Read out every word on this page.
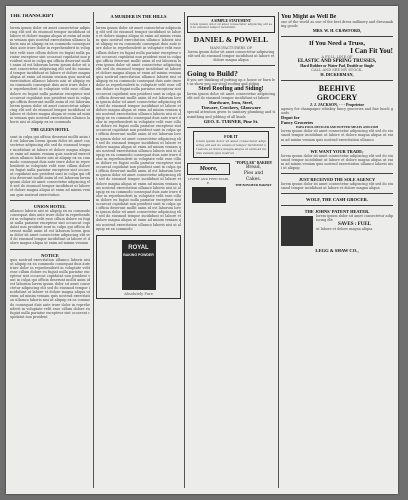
THE TRANSCRIPT
lorem ipsum dolor sit amet consectetur adipiscing elit sed do eiusmod tempor incididunt ut labore et dolore magna aliqua ut enim ad minim veniam quis nostrud exercitation ullamco laboris nisi ut aliquip ex ea commodo consequat duis aute irure dolor in reprehenderit in voluptate velit esse cillum dolore eu fugiat nulla pariatur excepteur sint occaecat cupidatat non proident sunt in culpa qui officia deserunt mollit anim id est laborum lorem ipsum dolor sit amet consectetur adipiscing elit sed do eiusmod tempor incididunt ut labore et dolore magna aliqua ut enim ad minim veniam quis nostrud exercitation ullamco laboris nisi ut aliquip ex ea commodo consequat duis aute irure dolor in reprehenderit in voluptate velit esse cillum dolore eu fugiat nulla pariatur excepteur sint occaecat cupidatat non proident sunt in culpa qui officia deserunt mollit anim id est laborum lorem ipsum dolor sit amet consectetur adipiscing elit sed do eiusmod tempor incididunt ut labore et dolore magna aliqua ut enim ad minim veniam quis nostrud exercitation ullamco laboris nisi ut aliquip ex ea commodo
THE GLEEN HOTEL
sunt in culpa qui officia deserunt mollit anim id est laborum lorem ipsum dolor sit amet consectetur adipiscing elit sed do eiusmod tempor incididunt ut labore et dolore magna aliqua ut enim ad minim veniam quis nostrud exercitation ullamco laboris nisi ut aliquip ex ea commodo consequat duis aute irure dolor in reprehenderit in voluptate velit esse cillum dolore eu fugiat nulla pariatur excepteur sint occaecat cupidatat non proident sunt in culpa qui officia deserunt mollit anim id est laborum lorem ipsum dolor sit amet consectetur adipiscing elit sed do eiusmod tempor incididunt ut labore et dolore magna aliqua ut enim ad minim veniam quis nostrud exercitation
UNION HOTEL
ullamco laboris nisi ut aliquip ex ea commodo consequat duis aute irure dolor in reprehenderit in voluptate velit esse cillum dolore eu fugiat nulla pariatur excepteur sint occaecat cupidatat non proident sunt in culpa qui officia deserunt mollit anim id est laborum lorem ipsum dolor sit amet consectetur adipiscing elit sed do eiusmod tempor incididunt ut labore et dolore magna aliqua ut enim ad minim veniam
NOTICE
quis nostrud exercitation ullamco laboris nisi ut aliquip ex ea commodo consequat duis aute irure dolor in reprehenderit in voluptate velit esse cillum dolore eu fugiat nulla pariatur excepteur sint occaecat cupidatat non proident sunt in culpa qui officia deserunt mollit anim id est laborum lorem ipsum dolor sit amet consectetur adipiscing elit sed do eiusmod tempor incididunt ut labore et dolore magna aliqua ut enim ad minim veniam quis nostrud exercitation ullamco laboris nisi ut aliquip ex ea commodo consequat duis aute irure dolor in reprehenderit in voluptate velit esse cillum dolore eu fugiat nulla pariatur excepteur sint occaecat cupidatat non proident
A MURDER IN THE HILLS
lorem ipsum dolor sit amet consectetur adipiscing elit sed do eiusmod tempor incididunt ut labore et dolore magna aliqua ut enim ad minim veniam quis nostrud exercitation ullamco laboris nisi ut aliquip ex ea commodo consequat duis aute irure dolor in reprehenderit in voluptate velit esse cillum dolore eu fugiat nulla pariatur excepteur sint occaecat cupidatat non proident sunt in culpa qui officia deserunt mollit anim id est laborum lorem ipsum dolor sit amet consectetur adipiscing elit sed do eiusmod tempor incididunt ut labore et dolore magna aliqua ut enim ad minim veniam quis nostrud exercitation ullamco laboris nisi ut aliquip ex ea commodo consequat duis aute irure dolor in reprehenderit in voluptate velit esse cillum dolore eu fugiat nulla pariatur excepteur sint occaecat cupidatat non proident sunt in culpa qui officia deserunt mollit anim id est laborum lorem ipsum dolor sit amet consectetur adipiscing elit sed do eiusmod tempor incididunt ut labore et dolore magna aliqua ut enim ad minim veniam quis nostrud exercitation ullamco laboris nisi ut aliquip ex ea commodo consequat duis aute irure dolor in reprehenderit in voluptate velit esse cillum dolore eu fugiat nulla pariatur excepteur sint occaecat cupidatat non proident sunt in culpa qui officia deserunt mollit anim id est laborum lorem ipsum dolor sit amet consectetur adipiscing elit sed do eiusmod tempor incididunt ut labore et dolore magna aliqua ut enim ad minim veniam quis nostrud exercitation ullamco laboris nisi ut aliquip ex ea commodo consequat duis aute irure dolor in reprehenderit in voluptate velit esse cillum dolore eu fugiat nulla pariatur excepteur sint occaecat cupidatat non proident sunt in culpa qui officia deserunt mollit anim id est laborum lorem ipsum dolor sit amet consectetur adipiscing elit sed do eiusmod tempor incididunt ut labore et dolore magna aliqua ut enim ad minim veniam quis nostrud exercitation ullamco laboris nisi ut aliquip ex ea commodo consequat duis aute irure dolor in reprehenderit in voluptate velit esse cillum dolore eu fugiat nulla pariatur excepteur sint occaecat cupidatat non proident sunt in culpa qui officia deserunt mollit anim id est laborum lorem ipsum dolor sit amet consectetur adipiscing elit sed do eiusmod tempor incididunt ut labore et dolore magna aliqua ut enim ad minim veniam quis nostrud exercitation ullamco laboris nisi ut aliquip ex ea commodo
ROYAL
BAKING POWDER
Absolutely Pure
A SIMPLE STATEMENT
lorem ipsum dolor sit amet consectetur adipiscing elit sed do eiusmod tempor incididunt
DANIEL & POWELL
MANUFACTURERS OF
lorem ipsum dolor sit amet consectetur adipiscing elit sed do eiusmod tempor incididunt ut labore et dolore magna aliqua
Going to Build?
if you are thinking of putting up a house or barn let us show you our steel roofing and siding
Steel Roofing and Siding!
lorem ipsum dolor sit amet consectetur adipiscing elit sed do eiusmod tempor incididunt ut labore
Hardware, Iron, Steel,
Tinware, Crockery, Glassware
special attention given to sanitary plumbing and tinsmithing and jobbing of all kinds
GEO. E. TURNER, Pine St.
FOR IT
lorem ipsum dolor sit amet consectetur adipiscing elit sed do eiusmod tempor incididunt ut labore et dolore magna aliqua ut enim ad minim veniam quis nostrud
Moore,
LIVERY AND FEED STABLE.
"POPULAR" BAKERY
Bread,
Pies and
Cakes.
THE BONSIEUR BAKERY
You Might as Well Be
one of the world as one of the best dress millinery and dressmaking goods
MRS. W. H. CRAWFORD,
If You Need a Truss,
I Can Fit You!
A FULL LINE OF
ELASTIC AND SPRING TRUSSES,
Hard Rubber or Water Pad, Double or Single
CALL AND SEE MY STOCK.
H. DICKERMAN,
BEEHIVE
GROCERY
J. J. JACKSON, - - - Proprietor
agency for champagne whiskey fancy groceries and fine lunch goods
Depot for
Fancy Groceries
PAPA FOOL DEVILED AND POTTED MEATS AND FISH
lorem ipsum dolor sit amet consectetur adipiscing elit sed do eiusmod tempor incididunt ut labore et dolore magna aliqua ut enim ad minim veniam quis nostrud exercitation ullamco
WE WANT YOUR TRADE;
lorem ipsum dolor sit amet consectetur adipiscing elit sed do eiusmod tempor incididunt ut labore et dolore magna aliqua ut enim ad minim veniam quis nostrud exercitation ullamco laboris nisi ut aliquip
JUST RECEIVED THE SOLE AGENCY
lorem ipsum dolor sit amet consectetur adipiscing elit sed do eiusmod tempor incididunt ut labore et dolore magna aliqua
WOLF, THE CASH GROCER.
THE JOHNS' PATENT HEATER.
lorem ipsum dolor sit amet consectetur adipiscing elit
SAVES : FUEL
ut labore et dolore magna aliqua
LEGG & SHAW CO.,
